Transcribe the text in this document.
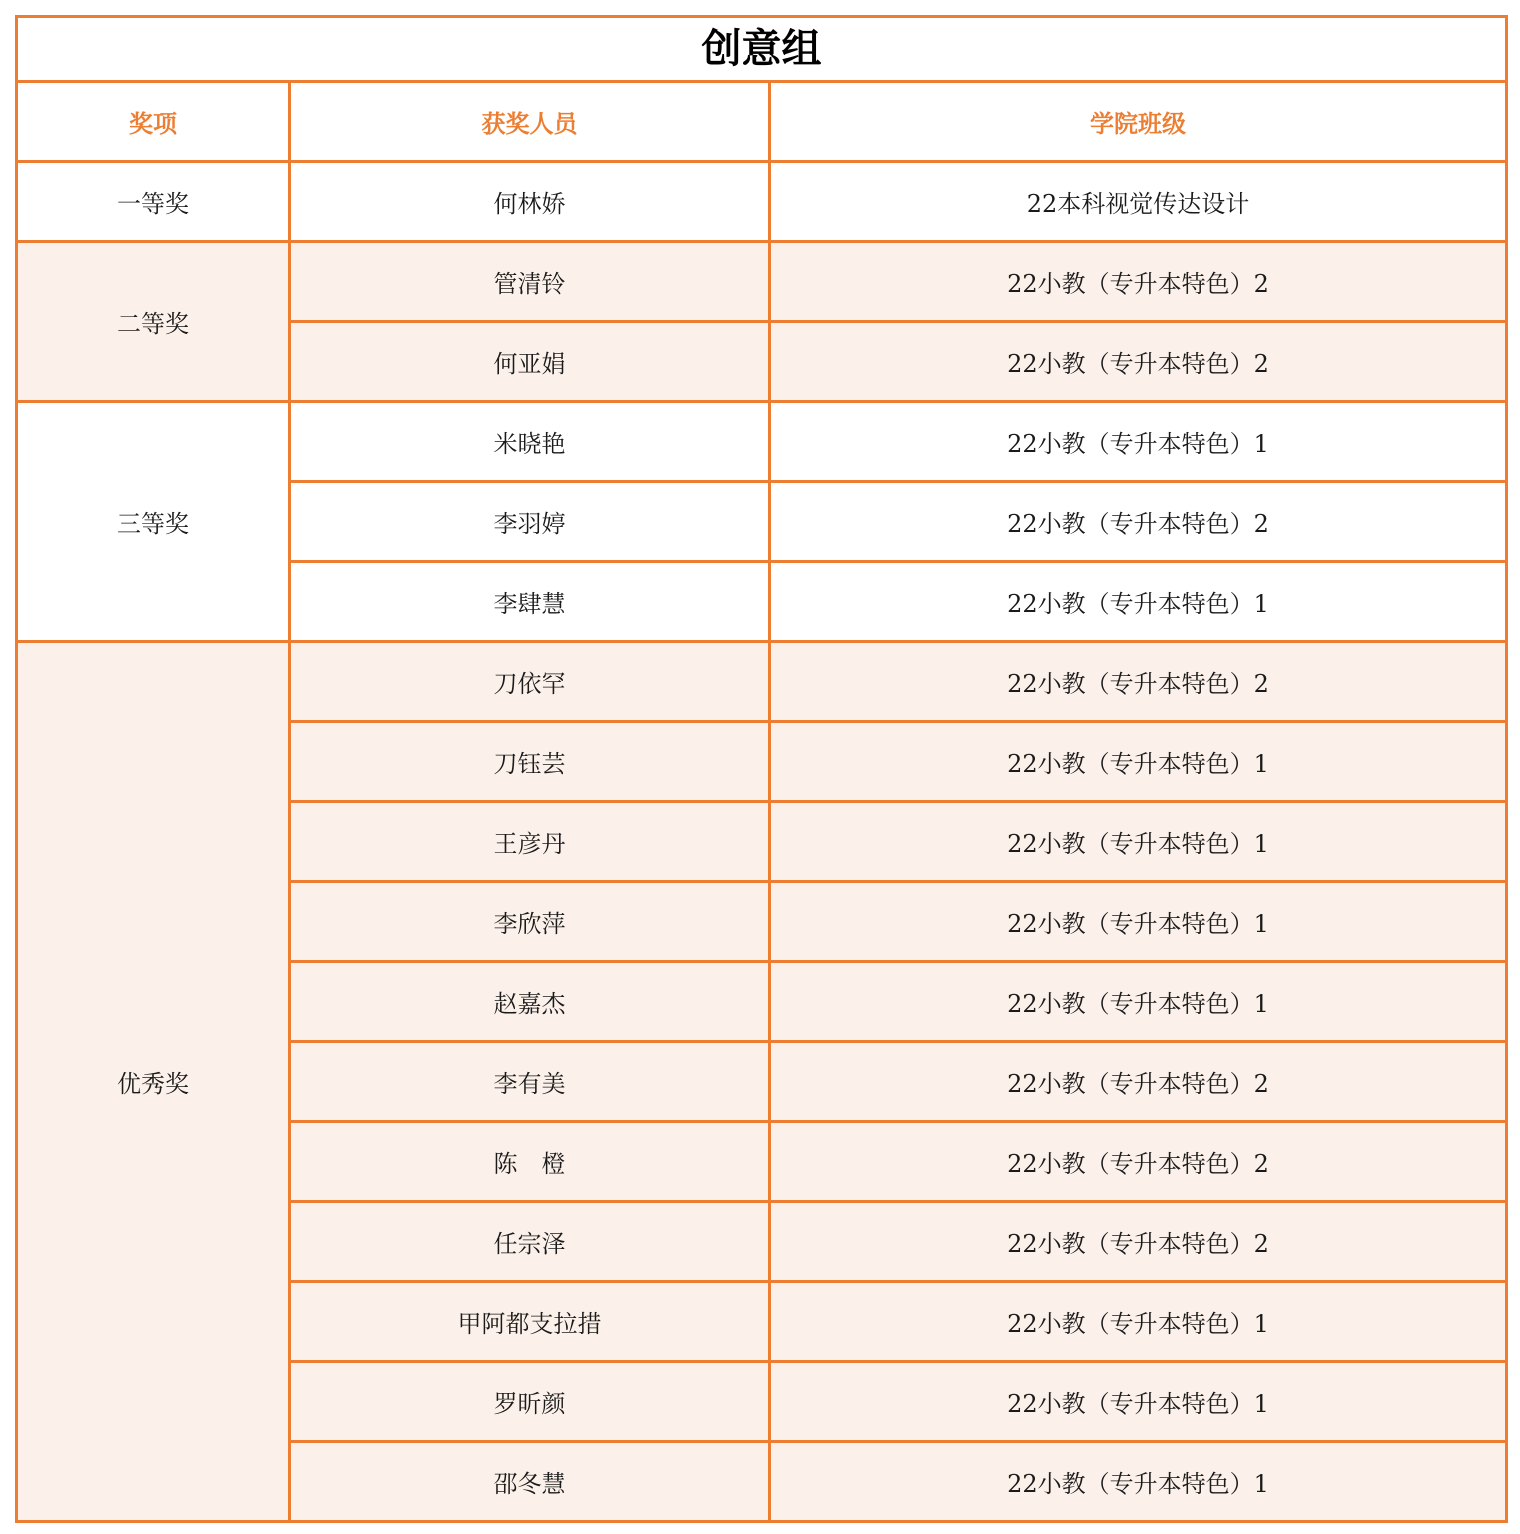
创意组		
奖项	获奖人员	学院班级
一等奖	何林娇	22本科视觉传达设计
二等奖	管清铃	22小教（专升本特色）2
	何亚娟	22小教（专升本特色）2
三等奖	米晓艳	22小教（专升本特色）1
	李羽婷	22小教（专升本特色）2
	李肆慧	22小教（专升本特色）1
优秀奖	刀依罕	22小教（专升本特色）2
	刀钰芸	22小教（专升本特色）1
	王彦丹	22小教（专升本特色）1
	李欣萍	22小教（专升本特色）1
	赵嘉杰	22小教（专升本特色）1
	李有美	22小教（专升本特色）2
	陈　橙	22小教（专升本特色）2
	任宗泽	22小教（专升本特色）2
	甲阿都支拉措	22小教（专升本特色）1
	罗昕颜	22小教（专升本特色）1
	邵冬慧	22小教（专升本特色）1
